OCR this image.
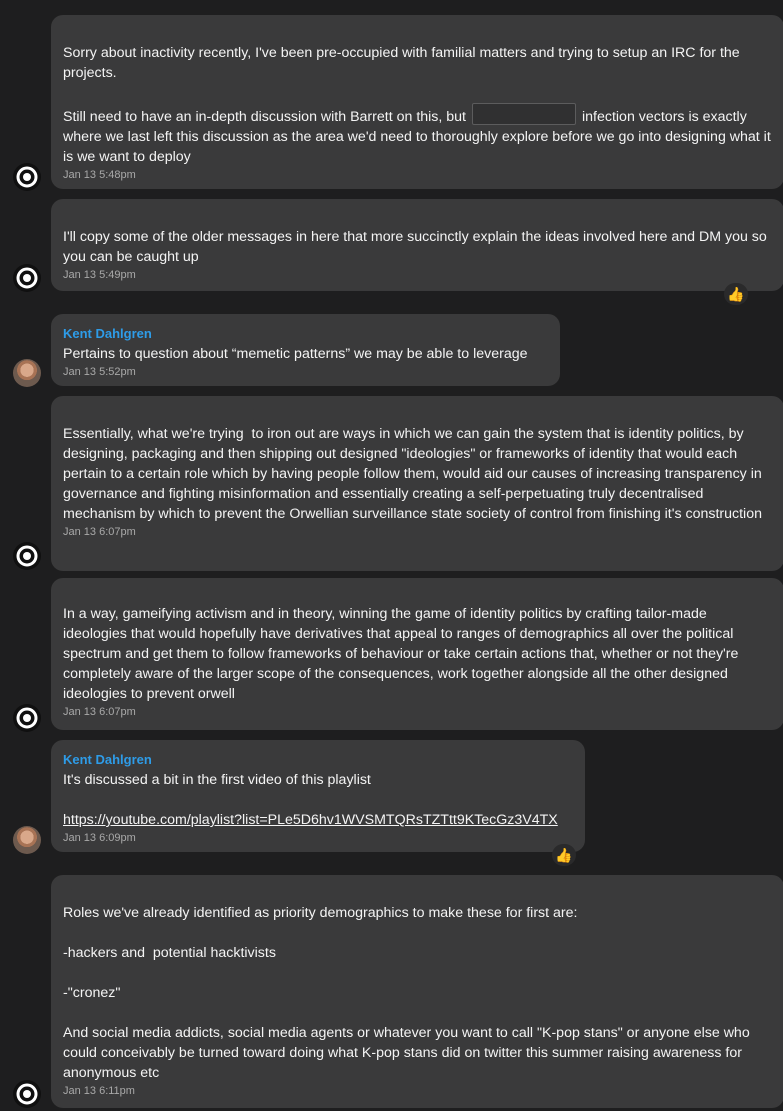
Sorry about inactivity recently, I've been pre-occupied with familial matters and trying to setup an IRC for the projects.

Still need to have an in-depth discussion with Barrett on this, but	infection vectors is exactly where we last left this discussion as the area we'd need to thoroughly explore before we go into designing what it is we want to deploy
Jan 13 5:48pm
I'll copy some of the older messages in here that more succinctly explain the ideas involved here and DM you so you can be caught up
Jan 13 5:49pm
👍
Kent Dahlgren
Pertains to question about “memetic patterns” we may be able to leverage
Jan 13 5:52pm
Essentially, what we're trying  to iron out are ways in which we can gain the system that is identity politics, by designing, packaging and then shipping out designed "ideologies" or frameworks of identity that would each pertain to a certain role which by having people follow them, would aid our causes of increasing transparency in governance and fighting misinformation and essentially creating a self-perpetuating truly decentralised mechanism by which to prevent the Orwellian surveillance state society of control from finishing it's construction
Jan 13 6:07pm
In a way, gameifying activism and in theory, winning the game of identity politics by crafting tailor-made ideologies that would hopefully have derivatives that appeal to ranges of demographics all over the political spectrum and get them to follow frameworks of behaviour or take certain actions that, whether or not they're completely aware of the larger scope of the consequences, work together alongside all the other designed ideologies to prevent orwell
Jan 13 6:07pm
Kent Dahlgren
It's discussed a bit in the first video of this playlist

https://youtube.com/playlist?list=PLe5D6hv1WVSMTQRsTZTtt9KTecGz3V4TX
Jan 13 6:09pm
👍
Roles we've already identified as priority demographics to make these for first are:

-hackers and  potential hacktivists

-"cronez"

And social media addicts, social media agents or whatever you want to call "K-pop stans" or anyone else who could conceivably be turned toward doing what K-pop stans did on twitter this summer raising awareness for anonymous etc
Jan 13 6:11pm
